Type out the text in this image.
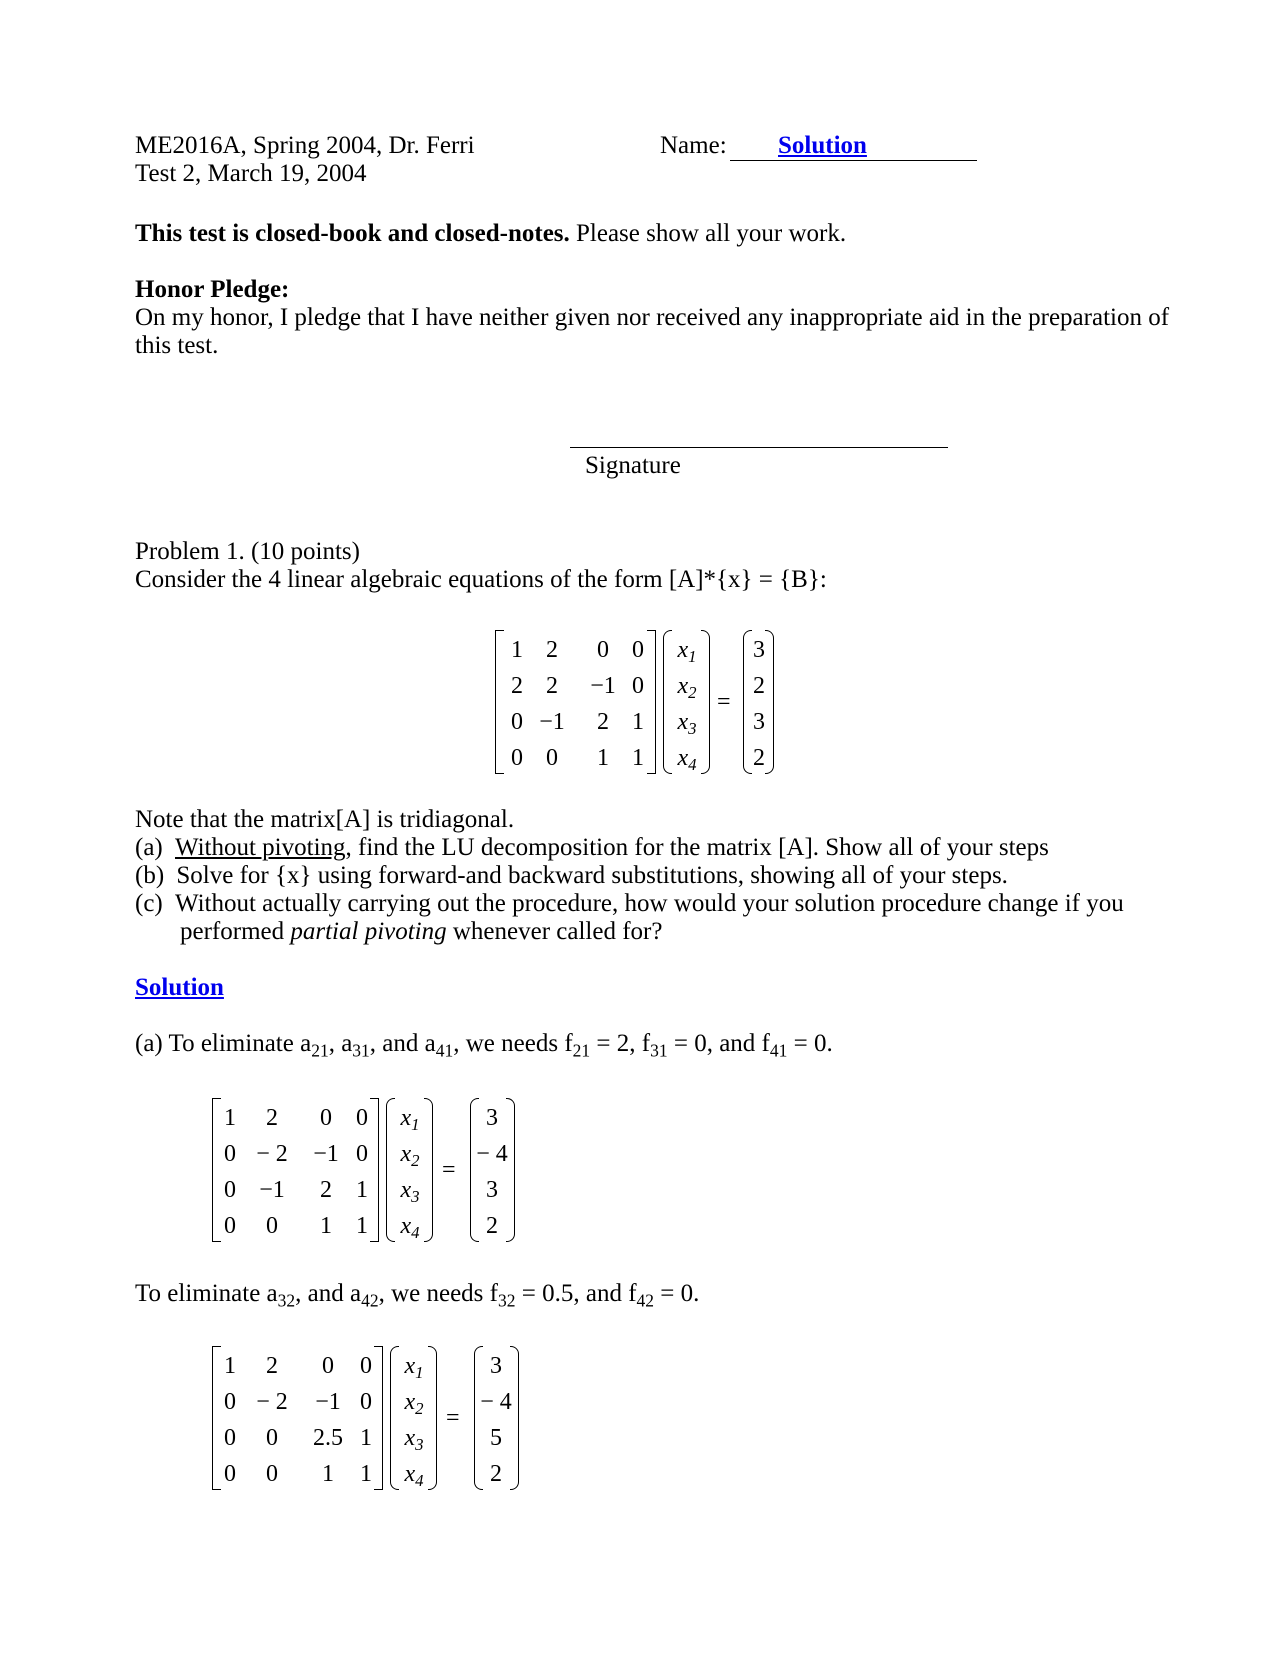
ME2016A, Spring 2004, Dr. Ferri
Test 2, March 19, 2004
Name: Solution
This test is closed-book and closed-notes. Please show all your work.
Honor Pledge:
On my honor, I pledge that I have neither given nor received any inappropriate aid in the preparation of
this test.
Signature
Problem 1. (10 points)
Consider the 4 linear algebraic equations of the form [A]*{x} = {B}:
1 2	0 0
2 2	−1 0
0 −1	2 1
0 0	1 1
$x_1$
$x_2$
$x_3$
$x_4$
=
3
2
3
2
Note that the matrix[A] is tridiagonal.
(a) Without pivoting, find the LU decomposition for the matrix [A]. Show all of your steps
(b) Solve for {x} using forward-and backward substitutions, showing all of your steps.
(c) Without actually carrying out the procedure, how would your solution procedure change if you
performed partial pivoting whenever called for?
Solution
(a) To eliminate $a_{21}$, $a_{31}$, and $a_{41}$, we needs $f_{21} = 2$, $f_{31} = 0$, and $f_{41} = 0$.
1	2	0	0
0 − 2	−1 0
0 −1	2	1
0	0	1	1
$x_1$
$x_2$
$x_3$
$x_4$
=
3
− 4
3
2
To eliminate $a_{32}$, and $a_{42}$, we needs $f_{32} = 0.5$, and $f_{42} = 0$.
1	2	0	0
0 − 2	−1 0
0	0	2.5 1
0	0	1	1
$x_1$
$x_2$
$x_3$
$x_4$
=
3
− 4
5
2
